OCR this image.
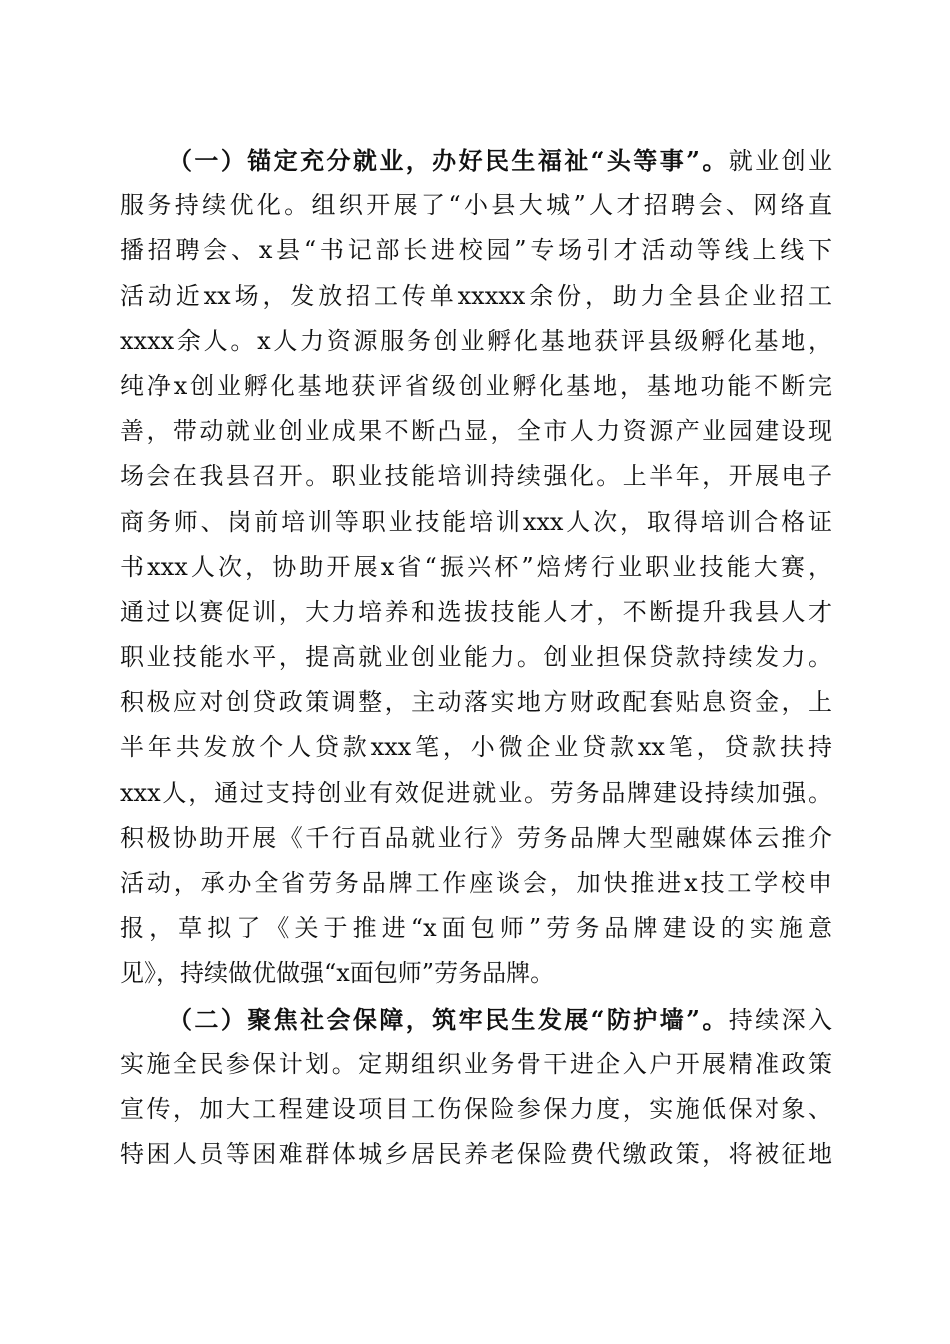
（一）锚定充分就业，办好民生福祉“头等事”。就业创业
服务持续优化。组织开展了“小县大城”人才招聘会、网络直
播招聘会、x县“书记部长进校园”专场引才活动等线上线下
活动近xx场，发放招工传单xxxxx余份，助力全县企业招工
xxxx余人。x人力资源服务创业孵化基地获评县级孵化基地，
纯净x创业孵化基地获评省级创业孵化基地，基地功能不断完
善，带动就业创业成果不断凸显，全市人力资源产业园建设现
场会在我县召开。职业技能培训持续强化。上半年，开展电子
商务师、岗前培训等职业技能培训xxx人次，取得培训合格证
书xxx人次，协助开展x省“振兴杯”焙烤行业职业技能大赛，
通过以赛促训，大力培养和选拔技能人才，不断提升我县人才
职业技能水平，提高就业创业能力。创业担保贷款持续发力。
积极应对创贷政策调整，主动落实地方财政配套贴息资金，上
半年共发放个人贷款xxx笔，小微企业贷款xx笔，贷款扶持
xxx人，通过支持创业有效促进就业。劳务品牌建设持续加强。
积极协助开展《千行百品就业行》劳务品牌大型融媒体云推介
活动，承办全省劳务品牌工作座谈会，加快推进x技工学校申
报，草拟了《关于推进“x面包师”劳务品牌建设的实施意
见》，持续做优做强“x面包师”劳务品牌。
（二）聚焦社会保障，筑牢民生发展“防护墙”。持续深入
实施全民参保计划。定期组织业务骨干进企入户开展精准政策
宣传，加大工程建设项目工伤保险参保力度，实施低保对象、
特困人员等困难群体城乡居民养老保险费代缴政策，将被征地
